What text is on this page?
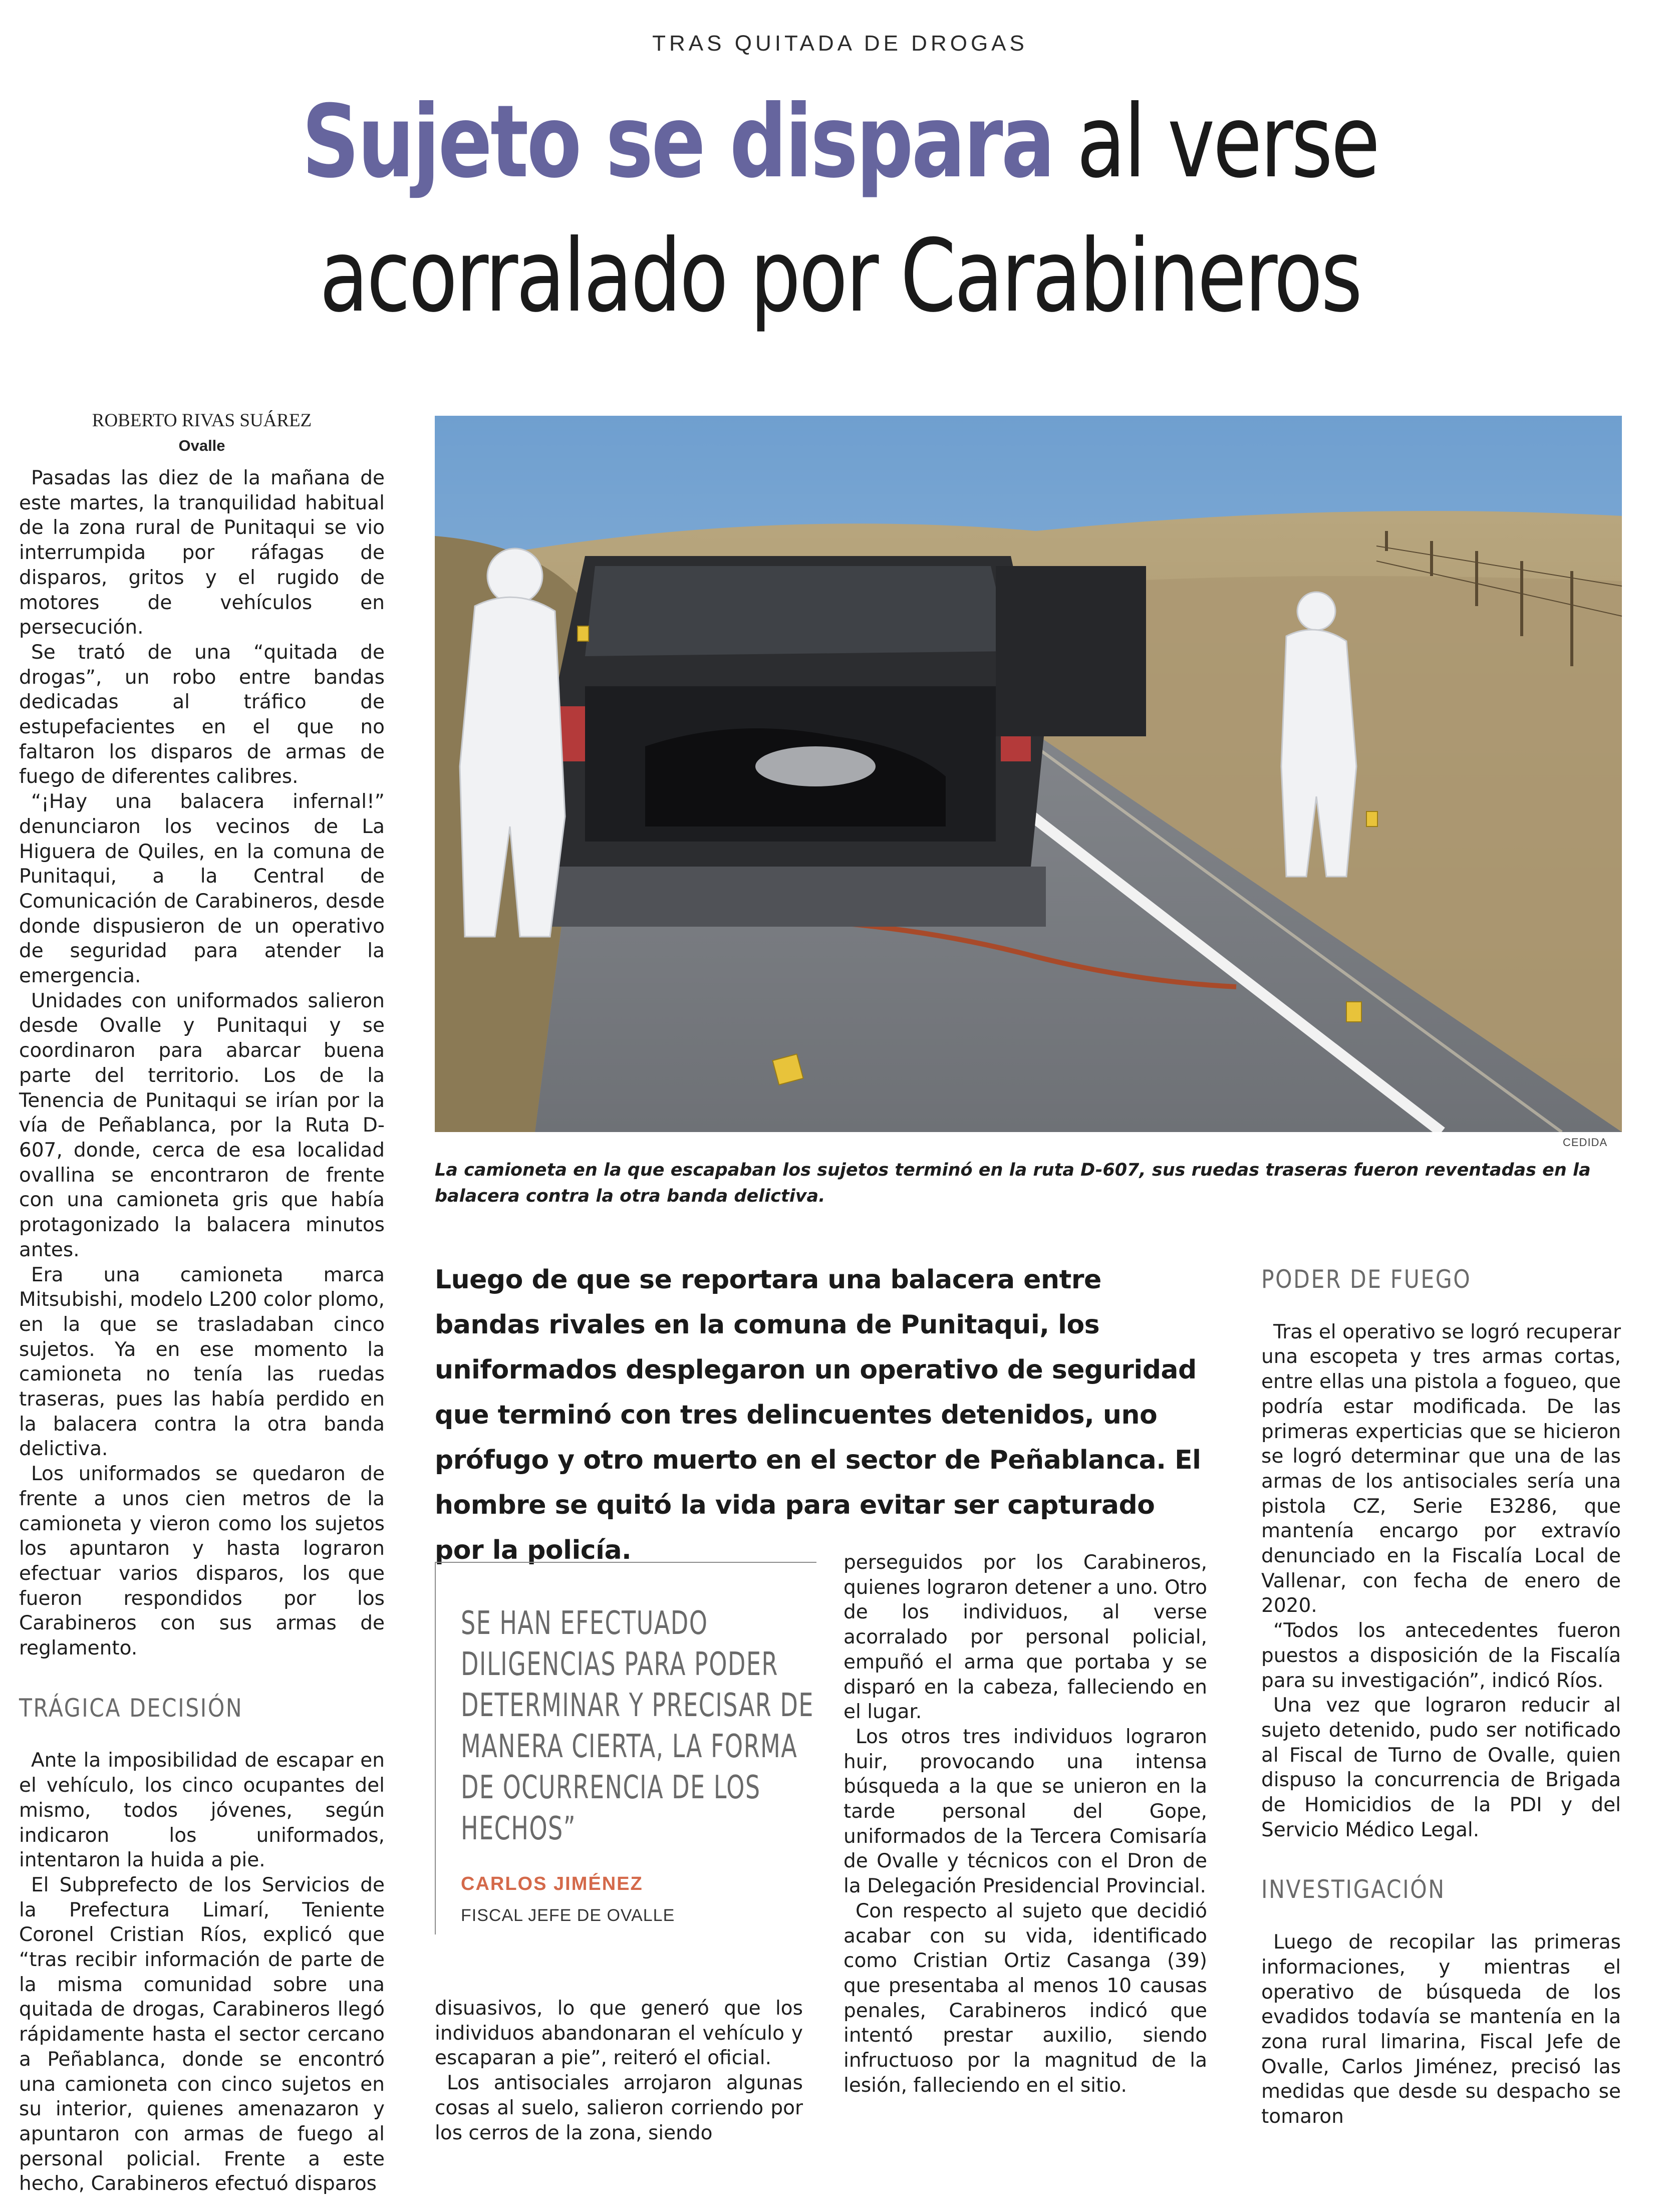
TRAS QUITADA DE DROGAS
Sujeto se dispara al verse
acorralado por Carabineros
ROBERTO RIVAS SUÁREZ
Ovalle

Pasadas las diez de la mañana de este martes, la tranquilidad habitual de la zona rural de Punitaqui se vio interrumpida por ráfagas de disparos, gritos y el rugido de motores de vehículos en persecución.

Se trató de una “quitada de drogas”, un robo entre bandas dedicadas al tráfico de estupefacientes en el que no faltaron los disparos de armas de fuego de diferentes calibres.

“¡Hay una balacera infernal!” denunciaron los vecinos de La Higuera de Quiles, en la comuna de Punitaqui, a la Central de Comunicación de Carabineros, desde donde dispusieron de un operativo de seguridad para atender la emergencia.

Unidades con uniformados salieron desde Ovalle y Punitaqui y se coordinaron para abarcar buena parte del territorio. Los de la Tenencia de Punitaqui se irían por la vía de Peñablanca, por la Ruta D-607, donde, cerca de esa localidad ovallina se encontraron de frente con una camioneta gris que había protagonizado la balacera minutos antes.

Era una camioneta marca Mitsubishi, modelo L200 color plomo, en la que se trasladaban cinco sujetos. Ya en ese momento la camioneta no tenía las ruedas traseras, pues las había perdido en la balacera contra la otra banda delictiva.

Los uniformados se quedaron de frente a unos cien metros de la camioneta y vieron como los sujetos los apuntaron y hasta lograron efectuar varios disparos, los que fueron respondidos por los Carabineros con sus armas de reglamento.

TRÁGICA DECISIÓN

Ante la imposibilidad de escapar en el vehículo, los cinco ocupantes del mismo, todos jóvenes, según indicaron los uniformados, intentaron la huida a pie.

El Subprefecto de los Servicios de la Prefectura Limarí, Teniente Coronel Cristian Ríos, explicó que “tras recibir información de parte de la misma comunidad sobre una quitada de drogas, Carabineros llegó rápidamente hasta el sector cercano a Peñablanca, donde se encontró una camioneta con cinco sujetos en su interior, quienes amenazaron y apuntaron con armas de fuego al personal policial. Frente a este hecho, Carabineros efectuó disparos

CEDIDA
La camioneta en la que escapaban los sujetos terminó en la ruta D-607, sus ruedas traseras fueron reventadas en la balacera contra la otra banda delictiva.
Luego de que se reportara una balacera entre bandas rivales en la comuna de Punitaqui, los uniformados desplegaron un operativo de seguridad que terminó con tres delincuentes detenidos, uno prófugo y otro muerto en el sector de Peñablanca. El hombre se quitó la vida para evitar ser capturado por la policía.
SE HAN EFECTUADO DILIGENCIAS PARA PODER DETERMINAR Y PRECISAR DE MANERA CIERTA, LA FORMA DE OCURRENCIA DE LOS HECHOS”
CARLOS JIMÉNEZ
FISCAL JEFE DE OVALLE

disuasivos, lo que generó que los individuos abandonaran el vehículo y escaparan a pie”, reiteró el oficial.

Los antisociales arrojaron algunas cosas al suelo, salieron corriendo por los cerros de la zona, siendo

perseguidos por los Carabineros, quienes lograron detener a uno. Otro de los individuos, al verse acorralado por personal policial, empuñó el arma que portaba y se disparó en la cabeza, falleciendo en el lugar.

Los otros tres individuos lograron huir, provocando una intensa búsqueda a la que se unieron en la tarde personal del Gope, uniformados de la Tercera Comisaría de Ovalle y técnicos con el Dron de la Delegación Presidencial Provincial.

Con respecto al sujeto que decidió acabar con su vida, identificado como Cristian Ortiz Casanga (39) que presentaba al menos 10 causas penales, Carabineros indicó que intentó prestar auxilio, siendo infructuoso por la magnitud de la lesión, falleciendo en el sitio.

PODER DE FUEGO

Tras el operativo se logró recuperar una escopeta y tres armas cortas, entre ellas una pistola a fogueo, que podría estar modificada. De las primeras experticias que se hicieron se logró determinar que una de las armas de los antisociales sería una pistola CZ, Serie E3286, que mantenía encargo por extravío denunciado en la Fiscalía Local de Vallenar, con fecha de enero de 2020.

“Todos los antecedentes fueron puestos a disposición de la Fiscalía para su investigación”, indicó Ríos.

Una vez que lograron reducir al sujeto detenido, pudo ser notificado al Fiscal de Turno de Ovalle, quien dispuso la concurrencia de Brigada de Homicidios de la PDI y del Servicio Médico Legal.

INVESTIGACIÓN

Luego de recopilar las primeras informaciones, y mientras el operativo de búsqueda de los evadidos todavía se mantenía en la zona rural limarina, Fiscal Jefe de Ovalle, Carlos Jiménez, precisó las medidas que desde su despacho se tomaron
